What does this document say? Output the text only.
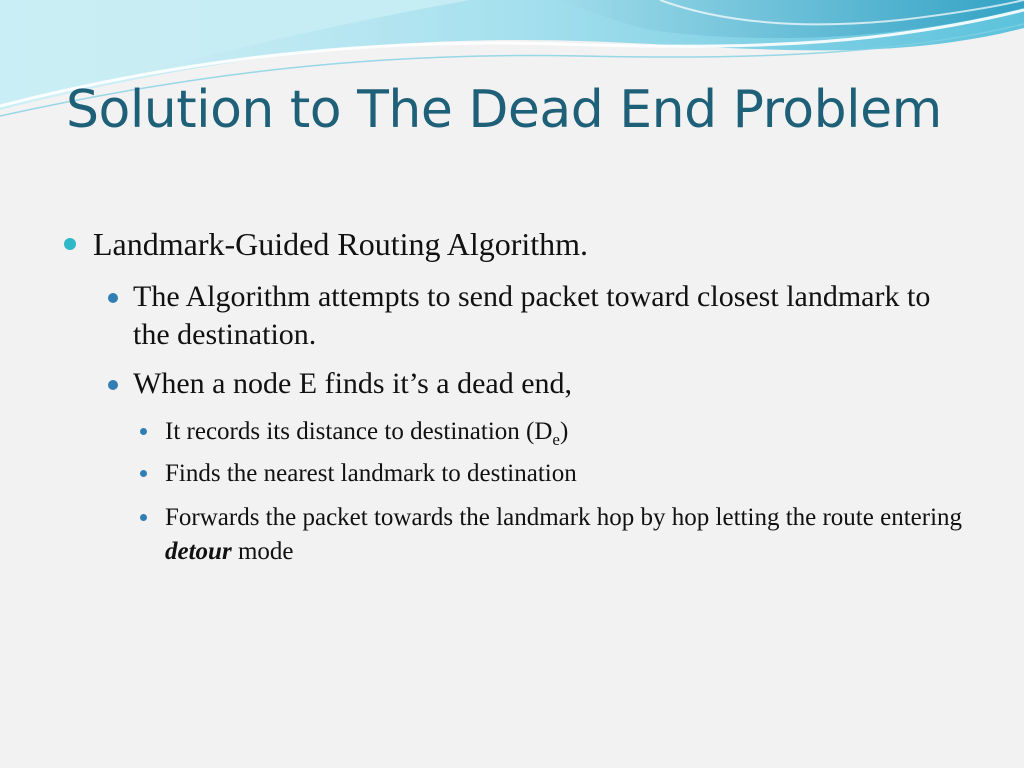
Solution to The Dead End Problem
Landmark-Guided Routing Algorithm.
The Algorithm attempts to send packet toward closest landmark to the destination.
When a node E finds it’s a dead end,
It records its distance to destination $(D_e)$
Finds the nearest landmark to destination
Forwards the packet towards the landmark hop by hop letting the route entering detour mode
